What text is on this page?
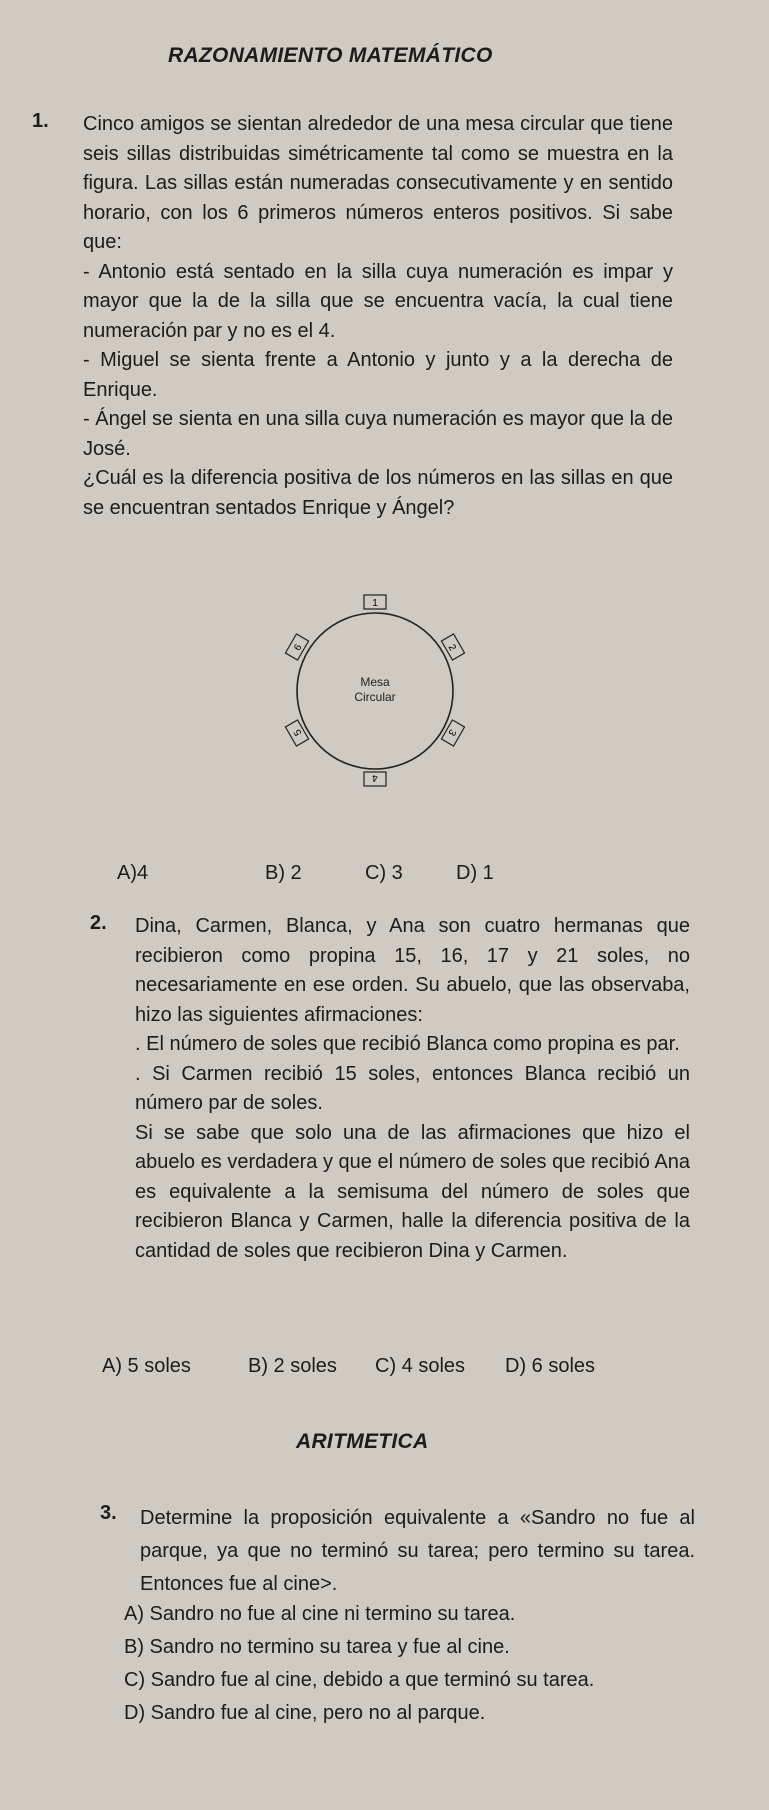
RAZONAMIENTO MATEMÁTICO
1. Cinco amigos se sientan alrededor de una mesa circular que tiene seis sillas distribuidas simétricamente tal como se muestra en la figura. Las sillas están numeradas consecutivamente y en sentido horario, con los 6 primeros números enteros positivos. Si sabe que:

- Antonio está sentado en la silla cuya numeración es impar y mayor que la de la silla que se encuentra vacía, la cual tiene numeración par y no es el 4.

- Miguel se sienta frente a Antonio y junto y a la derecha de Enrique.

- Ángel se sienta en una silla cuya numeración es mayor que la de José.

¿Cuál es la diferencia positiva de los números en las sillas en que se encuentran sentados Enrique y Ángel?

Mesa
Circular
1
2
3
4
5
6
A)4	B) 2	C) 3	D) 1
2. Dina, Carmen, Blanca, y Ana son cuatro hermanas que recibieron como propina 15, 16, 17 y 21 soles, no necesariamente en ese orden. Su abuelo, que las observaba, hizo las siguientes afirmaciones:

. El número de soles que recibió Blanca como propina es par.

. Si Carmen recibió 15 soles, entonces Blanca recibió un número par de soles.

Si se sabe que solo una de las afirmaciones que hizo el abuelo es verdadera y que el número de soles que recibió Ana es equivalente a la semisuma del número de soles que recibieron Blanca y Carmen, halle la diferencia positiva de la cantidad de soles que recibieron Dina y Carmen.

A) 5 soles	B) 2 soles C) 4 soles D) 6 soles
ARITMETICA
3. Determine la proposición equivalente a «Sandro no fue al parque, ya que no terminó su tarea; pero termino su tarea. Entonces fue al cine>.

A) Sandro no fue al cine ni termino su tarea.

B) Sandro no termino su tarea y fue al cine.

C) Sandro fue al cine, debido a que terminó su tarea.

D) Sandro fue al cine, pero no al parque.
